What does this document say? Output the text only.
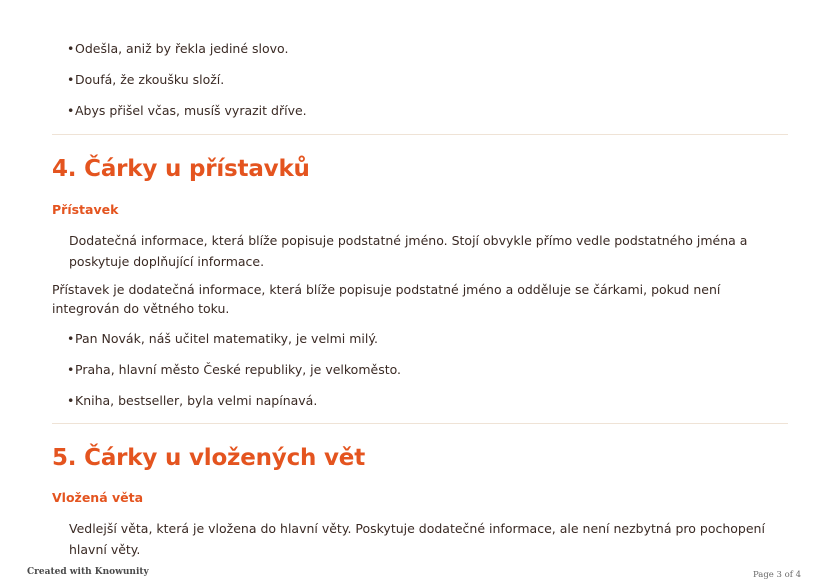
•Odešla, aniž by řekla jediné slovo.
•Doufá, že zkoušku složí.
•Abys přišel včas, musíš vyrazit dříve.
4. Čárky u přístavků
Přístavek
Dodatečná informace, která blíže popisuje podstatné jméno. Stojí obvykle přímo vedle podstatného jména a poskytuje doplňující informace.
Přístavek je dodatečná informace, která blíže popisuje podstatné jméno a odděluje se čárkami, pokud není integrován do větného toku.
•Pan Novák, náš učitel matematiky, je velmi milý.
•Praha, hlavní město České republiky, je velkoměsto.
•Kniha, bestseller, byla velmi napínavá.
5. Čárky u vložených vět
Vložená věta
Vedlejší věta, která je vložena do hlavní věty. Poskytuje dodatečné informace, ale není nezbytná pro pochopení hlavní věty.
Created with Knowunity	Page 3 of 4
